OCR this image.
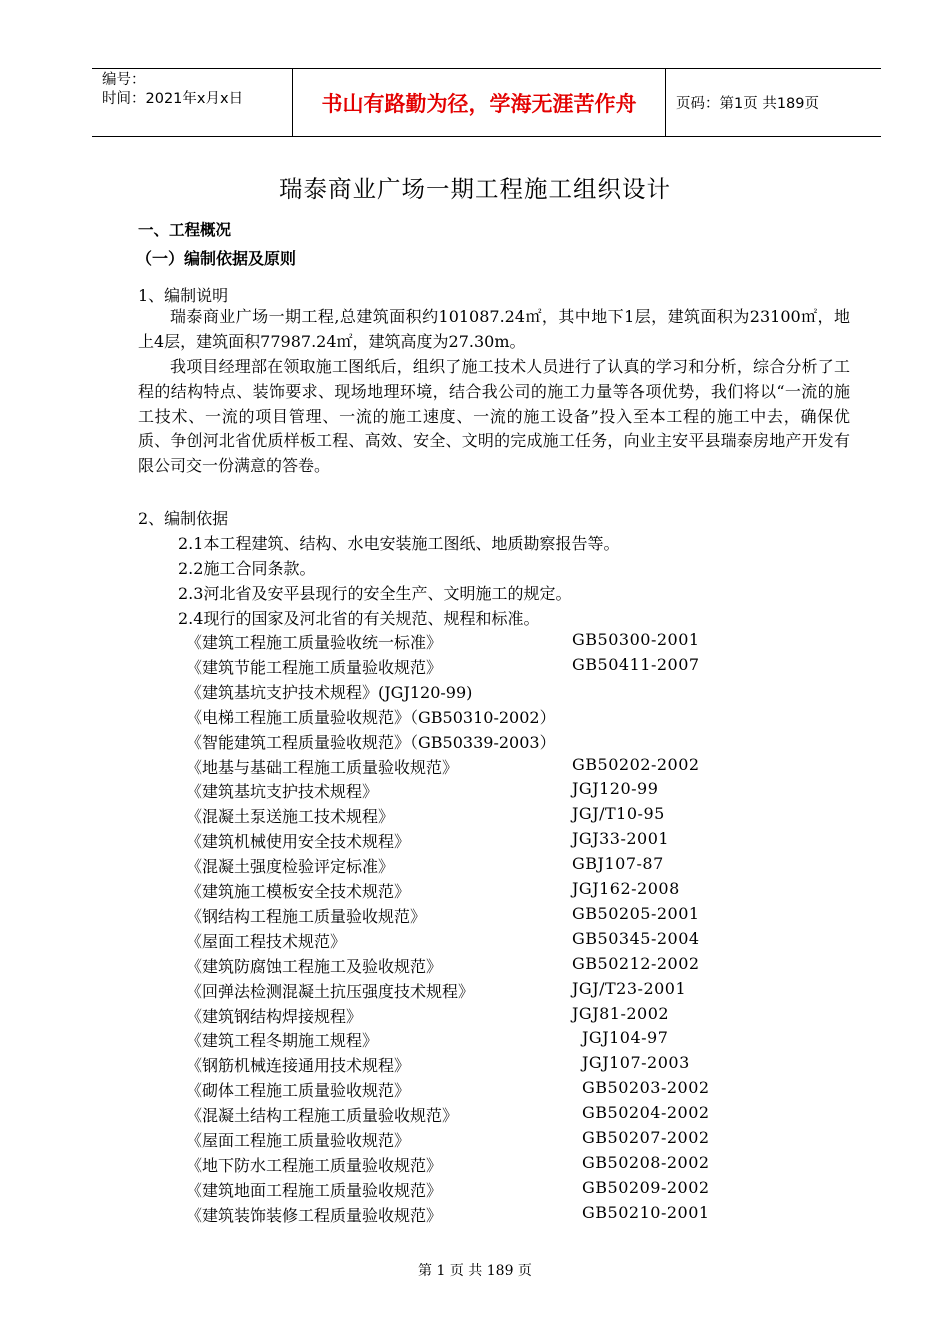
编号：
时间：2021年x月x日	书山有路勤为径，学海无涯苦作舟	页码：第1页 共189页
瑞泰商业广场一期工程施工组织设计
一、工程概况
（一）编制依据及原则
1、编制说明
瑞泰商业广场一期工程,总建筑面积约101087.24㎡，其中地下1层，建筑面积为23100㎡，地上4层，建筑面积77987.24㎡，建筑高度为27.30m。
我项目经理部在领取施工图纸后，组织了施工技术人员进行了认真的学习和分析，综合分析了工程的结构特点、装饰要求、现场地理环境，结合我公司的施工力量等各项优势，我们将以“一流的施工技术、一流的项目管理、一流的施工速度、一流的施工设备”投入至本工程的施工中去，确保优质、争创河北省优质样板工程、高效、安全、文明的完成施工任务，向业主安平县瑞泰房地产开发有限公司交一份满意的答卷。
2、编制依据
2.1本工程建筑、结构、水电安装施工图纸、地质勘察报告等。
2.2施工合同条款。
2.3河北省及安平县现行的安全生产、文明施工的规定。
2.4现行的国家及河北省的有关规范、规程和标准。
《建筑工程施工质量验收统一标准》	GB50300-2001
《建筑节能工程施工质量验收规范》	GB50411-2007
《建筑基坑支护技术规程》(JGJ120-99)
《电梯工程施工质量验收规范》（GB50310-2002）
《智能建筑工程质量验收规范》（GB50339-2003）
《地基与基础工程施工质量验收规范》	GB50202-2002
《建筑基坑支护技术规程》	JGJ120-99
《混凝土泵送施工技术规程》	JGJ/T10-95
《建筑机械使用安全技术规程》	JGJ33-2001
《混凝土强度检验评定标准》	GBJ107-87
《建筑施工模板安全技术规范》	JGJ162-2008
《钢结构工程施工质量验收规范》	GB50205-2001
《屋面工程技术规范》	GB50345-2004
《建筑防腐蚀工程施工及验收规范》	GB50212-2002
《回弹法检测混凝土抗压强度技术规程》	JGJ/T23-2001
《建筑钢结构焊接规程》	JGJ81-2002
《建筑工程冬期施工规程》	JGJ104-97
《钢筋机械连接通用技术规程》	JGJ107-2003
《砌体工程施工质量验收规范》	GB50203-2002
《混凝土结构工程施工质量验收规范》	GB50204-2002
《屋面工程施工质量验收规范》	GB50207-2002
《地下防水工程施工质量验收规范》	GB50208-2002
《建筑地面工程施工质量验收规范》	GB50209-2002
《建筑装饰装修工程质量验收规范》	GB50210-2001
第 1 页 共 189 页
